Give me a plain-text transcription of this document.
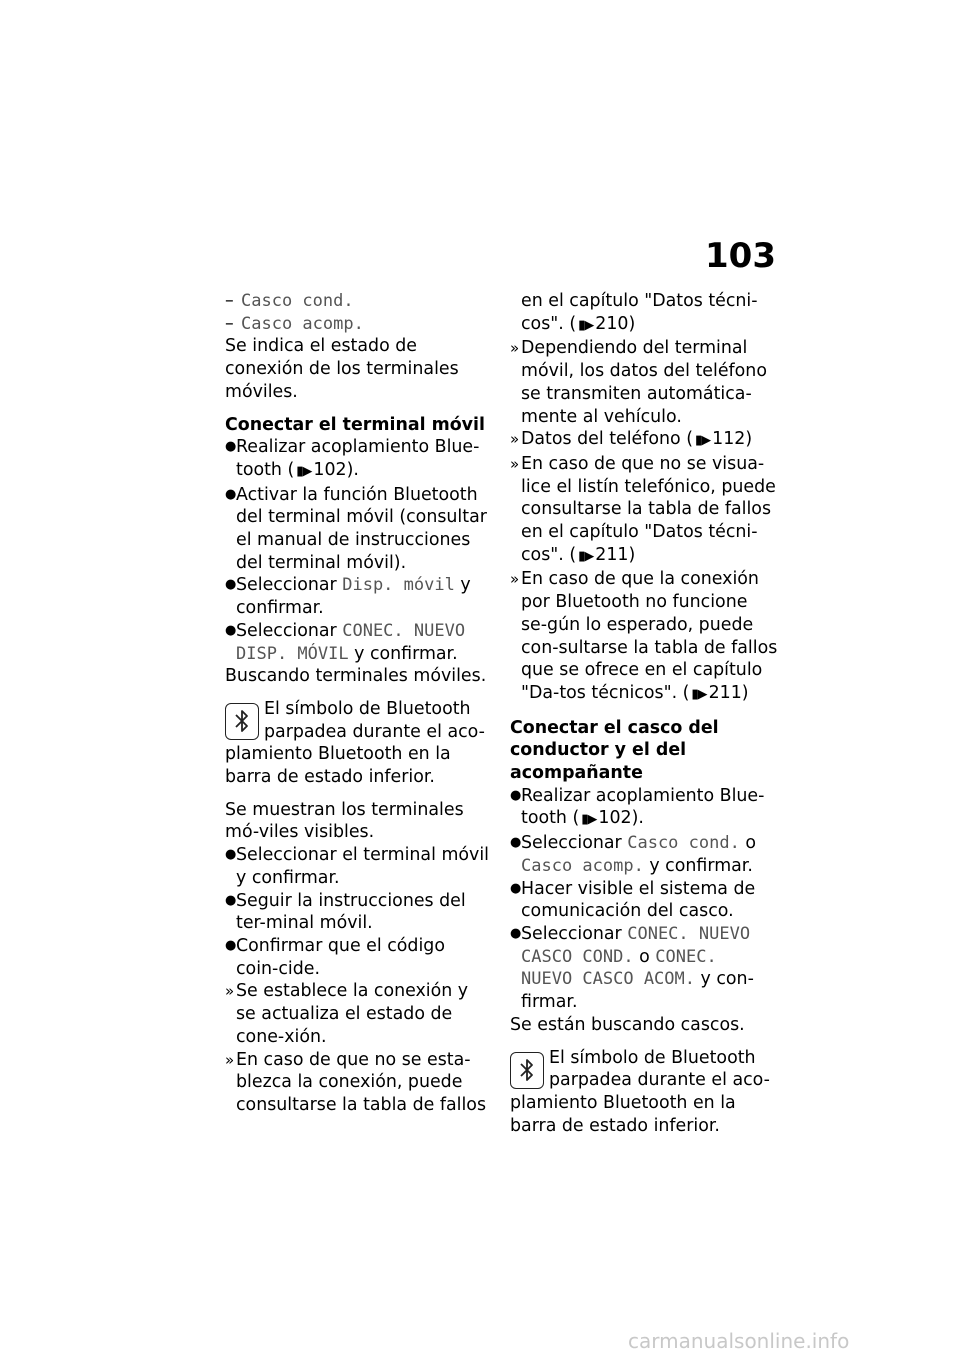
103
– Casco cond.
– Casco acomp.

Se indica el estado de conexión de los terminales móviles.

Conectar el terminal móvil
● Realizar acoplamiento Blue-tooth ( ▮▶ 102).
● Activar la función Bluetooth del terminal móvil (consultar el manual de instrucciones del terminal móvil).
● Seleccionar Disp. móvil y confirmar.
● Seleccionar CONEC. NUEVO DISP. MÓVIL y confirmar.

Buscando terminales móviles.

El símbolo de Bluetooth parpadea durante el aco-plamiento Bluetooth en la barra de estado inferior.

Se muestran los terminales mó-viles visibles.

● Seleccionar el terminal móvil y confirmar.
● Seguir la instrucciones del ter-minal móvil.
● Confirmar que el código coin-cide.
» Se establece la conexión y se actualiza el estado de cone-xión.
» En caso de que no se esta-blezca la conexión, puede consultarse la tabla de fallos
en el capítulo "Datos técni-cos". ( ▮▶ 210)
» Dependiendo del terminal móvil, los datos del teléfono se transmiten automática-mente al vehículo.
» Datos del teléfono ( ▮▶ 112)
» En caso de que no se visua-lice el listín telefónico, puede consultarse la tabla de fallos en el capítulo "Datos técni-cos". ( ▮▶ 211)
» En caso de que la conexión por Bluetooth no funcione se-gún lo esperado, puede con-sultarse la tabla de fallos que se ofrece en el capítulo "Da-tos técnicos". ( ▮▶ 211)
Conectar el casco del conductor y el del acompañante
● Realizar acoplamiento Blue-tooth ( ▮▶ 102).
● Seleccionar Casco cond. o Casco acomp. y confirmar.
● Hacer visible el sistema de comunicación del casco.
● Seleccionar CONEC. NUEVO CASCO COND. o CONEC. NUEVO CASCO ACOM. y con-firmar.

Se están buscando cascos.

El símbolo de Bluetooth parpadea durante el aco-plamiento Bluetooth en la barra de estado inferior.
carmanualsonline.info
